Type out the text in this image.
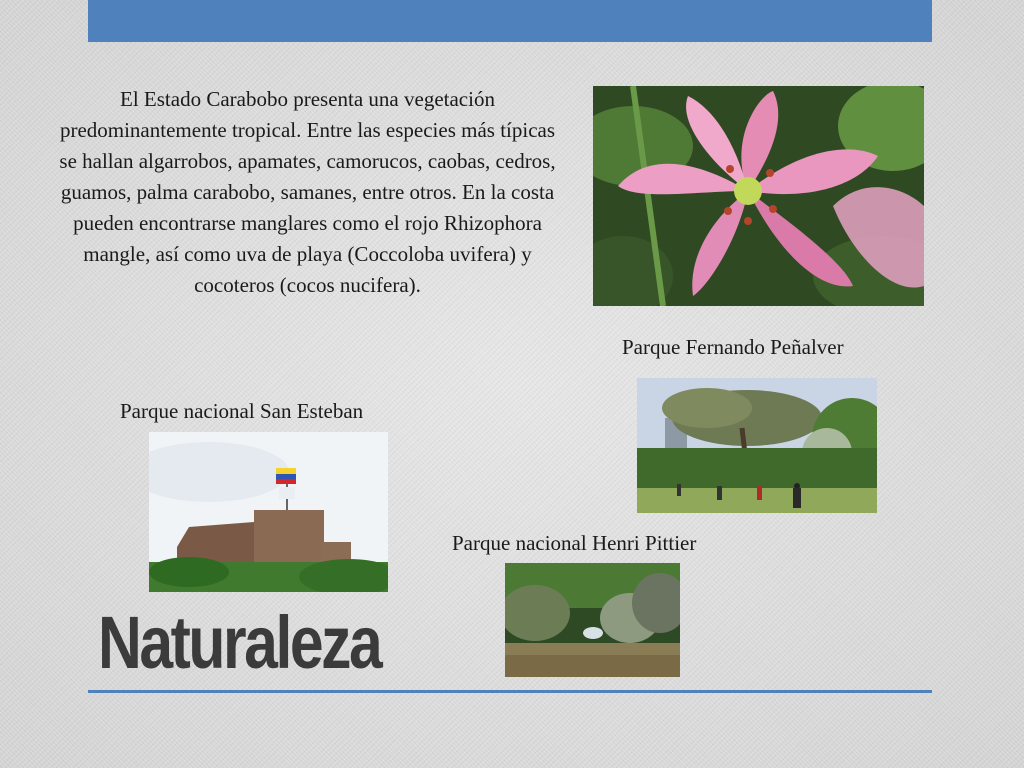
El Estado Carabobo presenta una vegetación predominantemente tropical. Entre las especies más típicas se hallan algarrobos, apamates, camorucos, caobas, cedros, guamos, palma carabobo, samanes, entre otros. En la costa pueden encontrarse manglares como el rojo Rhizophora mangle, así como uva de playa (Coccoloba uvifera) y cocoteros (cocos nucifera).

Parque Fernando Peñalver
Parque nacional San Esteban
Parque nacional Henri Pittier
Naturaleza
